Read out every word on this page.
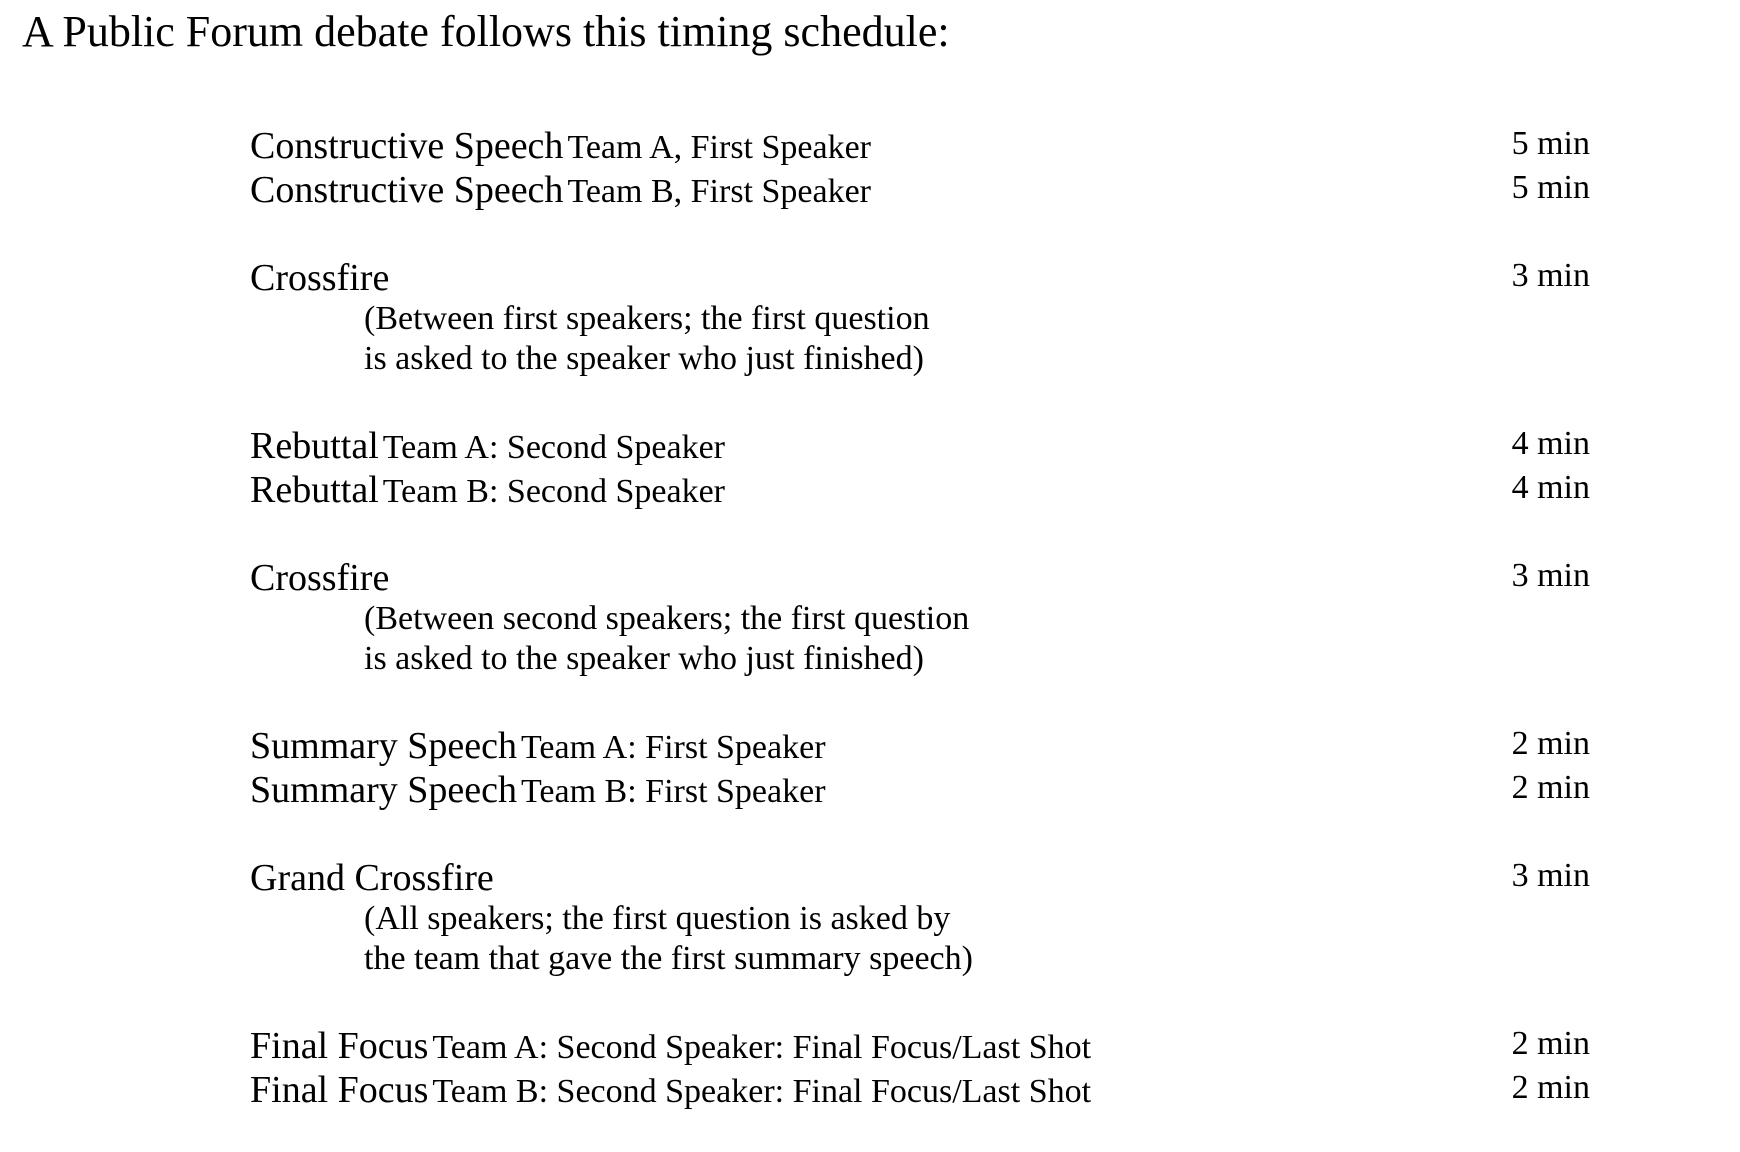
A Public Forum debate follows this timing schedule:
Constructive Speech Team A, First Speaker	5 min
Constructive Speech Team B, First Speaker	5 min
Crossfire	3 min
(Between first speakers; the first question
is asked to the speaker who just finished)
Rebuttal Team A: Second Speaker	4 min
Rebuttal Team B: Second Speaker	4 min
Crossfire	3 min
(Between second speakers; the first question
is asked to the speaker who just finished)
Summary Speech Team A: First Speaker	2 min
Summary Speech Team B: First Speaker	2 min
Grand Crossfire	3 min
(All speakers; the first question is asked by
the team that gave the first summary speech)
Final Focus Team A: Second Speaker: Final Focus/Last Shot	2 min
Final Focus Team B: Second Speaker: Final Focus/Last Shot	2 min
